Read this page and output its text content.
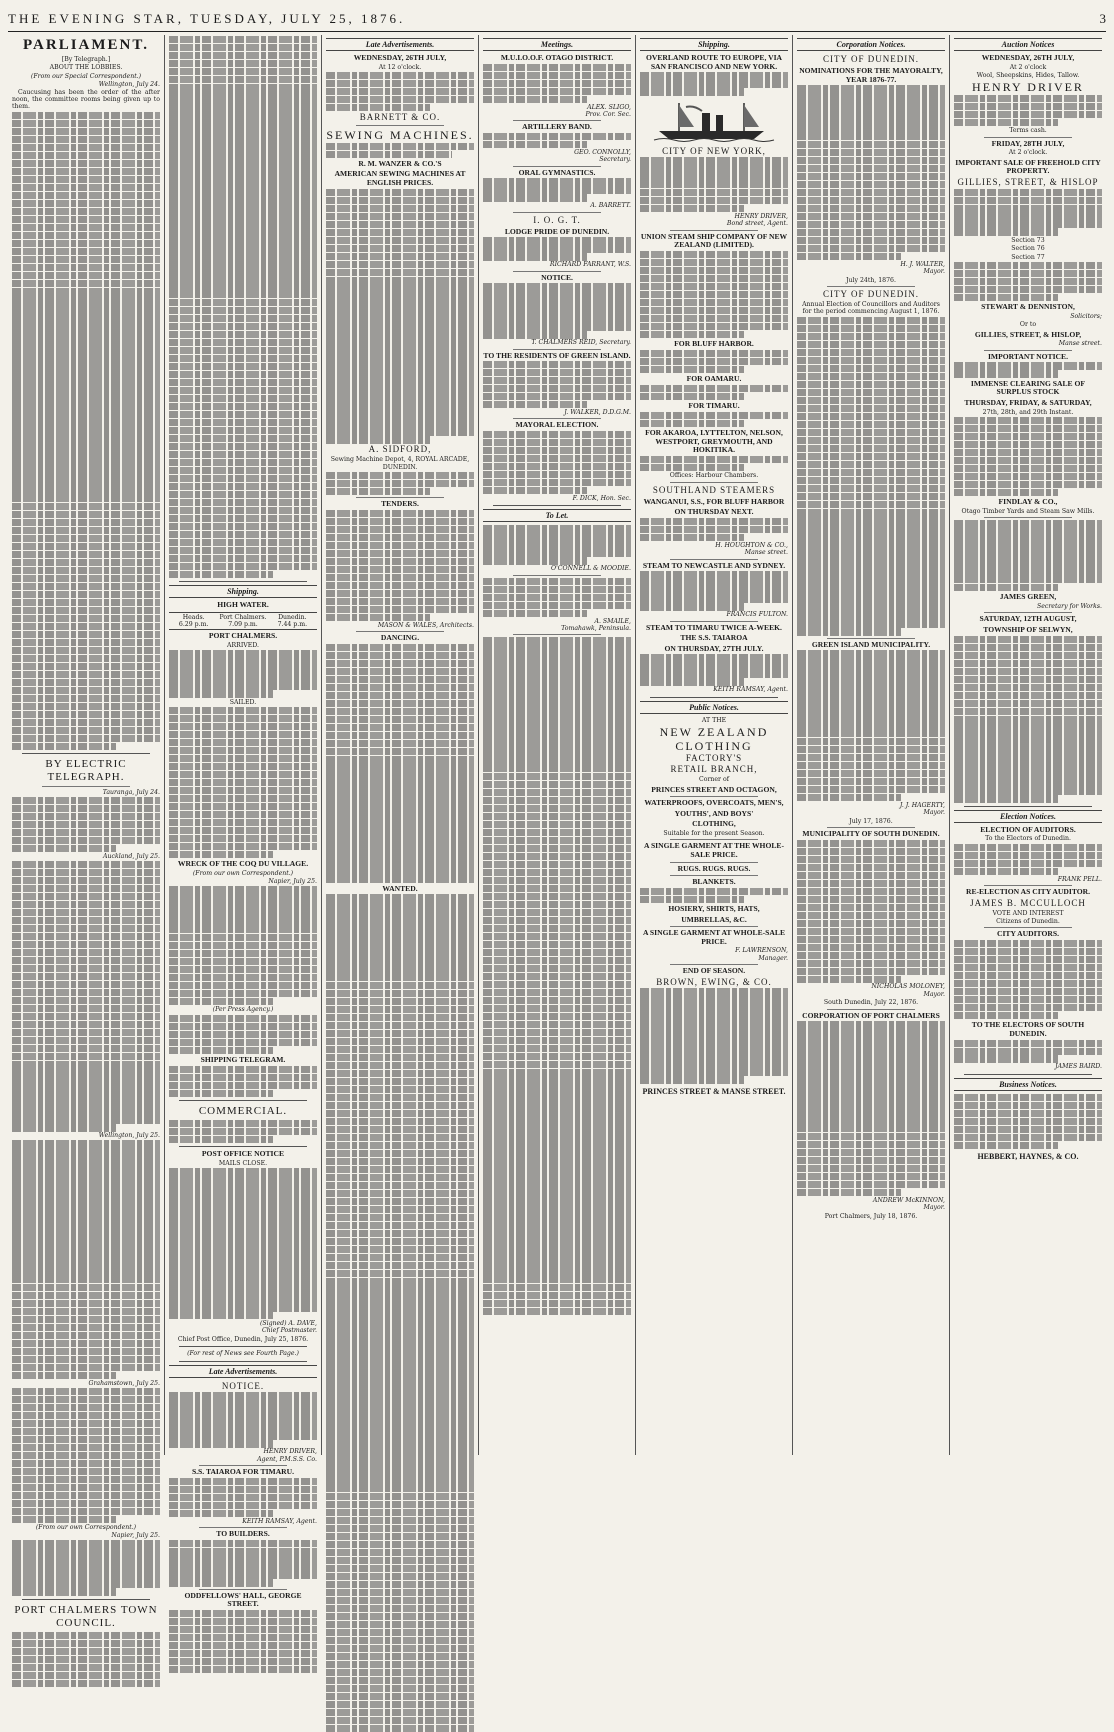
THE EVENING STAR, TUESDAY, JULY 25, 1876.	3
PARLIAMENT.
[By Telegraph.]
ABOUT THE LOBBIES.
(From our Special Correspondent.)
Wellington, July 24.

Caucusing has been the order of the after noon, the committee rooms being given up to them.

BY ELECTRIC TELEGRAPH.
Tauranga, July 24.
Auckland, July 25.
Wellington, July 25.
Grahamstown, July 25.
(From our own Correspondent.)
Napier, July 25.
PORT CHALMERS TOWN COUNCIL.
Shipping.
HIGH WATER.
Heads.
6.29 p.m.
Port Chalmers.
7.09 p.m.
Dunedin.
7.44 p.m.
PORT CHALMERS.
ARRIVED.
SAILED.
WRECK OF THE COQ DU VILLAGE.
(From our own Correspondent.)
Napier, July 25.
(Per Press Agency.)
SHIPPING TELEGRAM.
COMMERCIAL.
POST OFFICE NOTICE
MAILS CLOSE.
(Signed) A. DAVE,
Chief Postmaster.
Chief Post Office, Dunedin, July 25, 1876.
(For rest of News see Fourth Page.)
Late Advertisements.
NOTICE.
HENRY DRIVER,
Agent, P.M.S.S. Co.
S.S. TAIAROA FOR TIMARU.
KEITH RAMSAY, Agent.
TO BUILDERS.
ODDFELLOWS' HALL, GEORGE STREET.
Late Advertisements.
WEDNESDAY, 26TH JULY,
At 12 o'clock.
BARNETT & CO.
SEWING MACHINES.
R. M. WANZER & CO.'S
AMERICAN SEWING MACHINES AT ENGLISH PRICES.
A. SIDFORD,
Sewing Machine Depot, 4, ROYAL ARCADE, DUNEDIN.
TENDERS.
MASON & WALES, Architects.
DANCING.
WANTED.
Meetings.
M.U.I.O.O.F. OTAGO DISTRICT.
ALEX. SLIGO,
Prov. Cor. Sec.
ARTILLERY BAND.
GEO. CONNOLLY,
Secretary.
ORAL GYMNASTICS.
A. BARRETT.
I. O. G. T.
LODGE PRIDE OF DUNEDIN.
RICHARD FARRANT, W.S.
NOTICE.
T. CHALMERS REID, Secretary.
TO THE RESIDENTS OF GREEN ISLAND.
J. WALKER, D.D.G.M.
MAYORAL ELECTION.
F. DICK, Hon. Sec.
To Let.
O'CONNELL & MOODIE.
A. SMAILE,
Tomahawk, Peninsula.
Shipping.
OVERLAND ROUTE TO EUROPE, VIA SAN FRANCISCO AND NEW YORK.
CITY OF NEW YORK,
HENRY DRIVER,
Bond street, Agent.
UNION STEAM SHIP COMPANY OF NEW ZEALAND (LIMITED).
FOR BLUFF HARBOR.
FOR OAMARU.
FOR TIMARU.
FOR AKAROA, LYTTELTON, NELSON, WESTPORT, GREYMOUTH, AND HOKITIKA.
Offices: Harbour Chambers.
SOUTHLAND STEAMERS
WANGANUI, S.S., FOR BLUFF HARBOR
ON THURSDAY NEXT.
H. HOUGHTON & CO.,
Manse street.
STEAM TO NEWCASTLE AND SYDNEY.
FRANCIS FULTON.
STEAM TO TIMARU TWICE A-WEEK.
THE S.S. TAIAROA
ON THURSDAY, 27TH JULY.
KEITH RAMSAY, Agent.
Public Notices.
AT THE
NEW ZEALAND CLOTHING
FACTORY'S
RETAIL BRANCH,
Corner of
PRINCES STREET AND OCTAGON,
WATERPROOFS, OVERCOATS, MEN'S,
YOUTHS', AND BOYS'
CLOTHING,
Suitable for the present Season.
A SINGLE GARMENT AT THE WHOLE-SALE PRICE.
RUGS. RUGS. RUGS.
BLANKETS.
HOSIERY, SHIRTS, HATS,
UMBRELLAS, &C.
A SINGLE GARMENT AT WHOLE-SALE PRICE.
F. LAWRENSON,
Manager.
END OF SEASON.
BROWN, EWING, & CO.
PRINCES STREET & MANSE STREET.
Corporation Notices.
CITY OF DUNEDIN.
NOMINATIONS FOR THE MAYORALTY, YEAR 1876-77.
H. J. WALTER,
Mayor.
July 24th, 1876.
CITY OF DUNEDIN.
Annual Election of Councillors and Auditors for the period commencing August 1, 1876.
GREEN ISLAND MUNICIPALITY.
J. J. HAGERTY,
Mayor.
July 17, 1876.
MUNICIPALITY OF SOUTH DUNEDIN.
NICHOLAS MOLONEY,
Mayor.
South Dunedin, July 22, 1876.
CORPORATION OF PORT CHALMERS
ANDREW McKINNON,
Mayor.
Port Chalmers, July 18, 1876.
Auction Notices
WEDNESDAY, 26TH JULY,
At 2 o'clock
Wool, Sheepskins, Hides, Tallow.
HENRY DRIVER
Terms cash.
FRIDAY, 28TH JULY,
At 2 o'clock.
IMPORTANT SALE OF FREEHOLD CITY PROPERTY.
GILLIES, STREET, & HISLOP
Section 73
Section 76
Section 77
STEWART & DENNISTON,
Solicitors;
Or to
GILLIES, STREET, & HISLOP,
Manse street.
IMPORTANT NOTICE.
IMMENSE CLEARING SALE OF SURPLUS STOCK
THURSDAY, FRIDAY, & SATURDAY,
27th, 28th, and 29th Instant.
FINDLAY & CO.,
Otago Timber Yards and Steam Saw Mills.
JAMES GREEN,
Secretary for Works.
SATURDAY, 12TH AUGUST,
TOWNSHIP OF SELWYN,
Election Notices.
ELECTION OF AUDITORS.
To the Electors of Dunedin.
FRANK PELL.
RE-ELECTION AS CITY AUDITOR.
JAMES B. MCCULLOCH
VOTE AND INTEREST
Citizens of Dunedin.
CITY AUDITORS.
TO THE ELECTORS OF SOUTH DUNEDIN.
JAMES BAIRD.
Business Notices.
HEBBERT, HAYNES, & CO.
